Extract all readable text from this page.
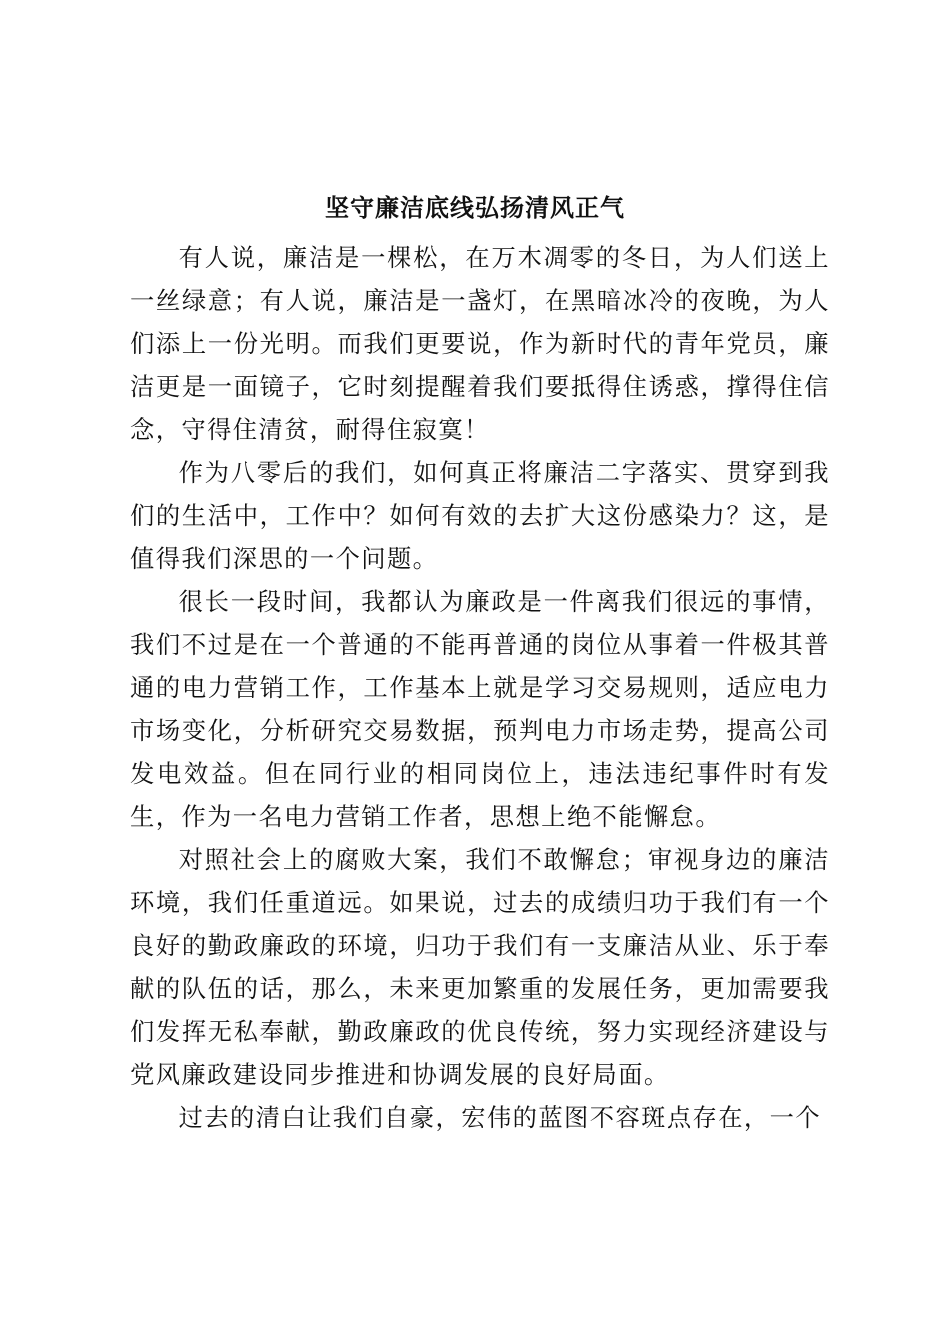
坚守廉洁底线弘扬清风正气

有人说，廉洁是一棵松，在万木凋零的冬日，为人们送上一丝绿意；有人说，廉洁是一盏灯，在黑暗冰冷的夜晚，为人们添上一份光明。而我们更要说，作为新时代的青年党员，廉洁更是一面镜子，它时刻提醒着我们要抵得住诱惑，撑得住信念，守得住清贫，耐得住寂寞！

作为八零后的我们，如何真正将廉洁二字落实、贯穿到我们的生活中，工作中？如何有效的去扩大这份感染力？这，是值得我们深思的一个问题。

很长一段时间，我都认为廉政是一件离我们很远的事情，我们不过是在一个普通的不能再普通的岗位从事着一件极其普通的电力营销工作，工作基本上就是学习交易规则，适应电力市场变化，分析研究交易数据，预判电力市场走势，提高公司发电效益。但在同行业的相同岗位上，违法违纪事件时有发生，作为一名电力营销工作者，思想上绝不能懈怠。

对照社会上的腐败大案，我们不敢懈怠；审视身边的廉洁环境，我们任重道远。如果说，过去的成绩归功于我们有一个良好的勤政廉政的环境，归功于我们有一支廉洁从业、乐于奉献的队伍的话，那么，未来更加繁重的发展任务，更加需要我们发挥无私奉献，勤政廉政的优良传统，努力实现经济建设与党风廉政建设同步推进和协调发展的良好局面。

过去的清白让我们自豪，宏伟的蓝图不容斑点存在，一个
